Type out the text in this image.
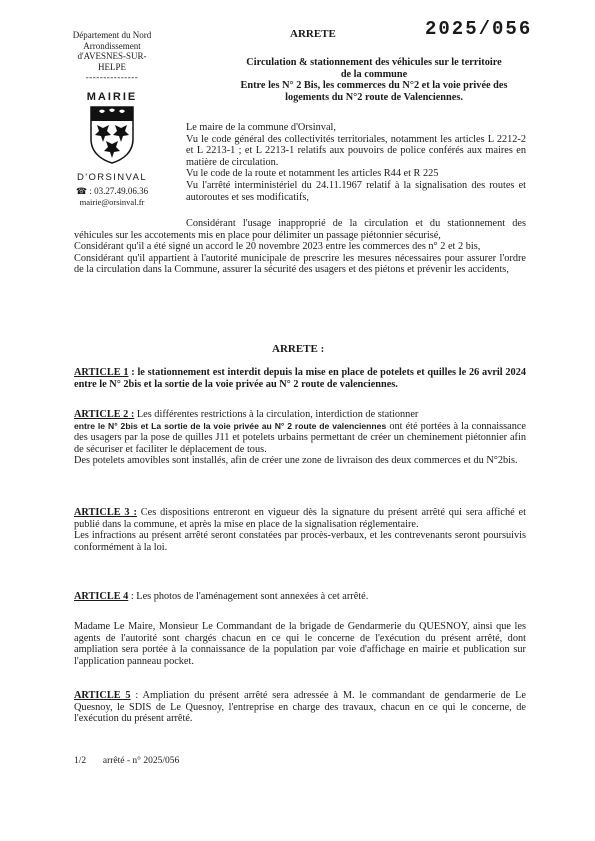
Département du Nord
Arrondissement
d'AVESNES-SUR-
HELPE
---------------
MAIRIE
D'ORSINVAL
☎ : 03.27.49.06.36
mairie@orsinval.fr
ARRETE	2025/056
Circulation & stationnement des véhicules sur le territoire
de la commune
Entre les N° 2 Bis, les commerces du N°2 et la voie privée des
logements du N°2 route de Valenciennes.

Le maire de la commune d'Orsinval,

Vu le code général des collectivités territoriales, notamment les articles L 2212-2 et L 2213-1 ; et L 2213-1 relatifs aux pouvoirs de police conférés aux maires en matière de circulation.

Vu le code de la route et notamment les articles R44 et R 225

Vu l'arrêté interministériel du 24.11.1967 relatif à la signalisation des routes et autoroutes et ses modificatifs,

Considérant l'usage inapproprié de la circulation et du stationnement des véhicules sur les accotements mis en place pour délimiter un passage piétonnier sécurisé,

Considérant qu'il a été signé un accord le 20 novembre 2023 entre les commerces des n° 2 et 2 bis,

Considérant qu'il appartient à l'autorité municipale de prescrire les mesures nécessaires pour assurer l'ordre de la circulation dans la Commune, assurer la sécurité des usagers et des piétons et prévenir les accidents,

ARRETE :
ARTICLE 1 : le stationnement est interdit depuis la mise en place de potelets et quilles le 26 avril 2024 entre le N° 2bis et la sortie de la voie privée au N° 2 route de valenciennes.

ARTICLE 2 : Les différentes restrictions à la circulation, interdiction de stationner

entre le N° 2bis et La sortie de la voie privée au N° 2 route de valenciennes ont été portées à la connaissance des usagers par la pose de quilles J11 et potelets urbains permettant de créer un cheminement piétonnier afin de sécuriser et faciliter le déplacement de tous.

Des potelets amovibles sont installés, afin de créer une zone de livraison des deux commerces et du N°2bis.

ARTICLE 3 : Ces dispositions entreront en vigueur dès la signature du présent arrêté qui sera affiché et publié dans la commune, et après la mise en place de la signalisation réglementaire.

Les infractions au présent arrêté seront constatées par procès-verbaux, et les contrevenants seront poursuivis conformément à la loi.

ARTICLE 4 : Les photos de l'aménagement sont annexées à cet arrêté.
Madame Le Maire, Monsieur Le Commandant de la brigade de Gendarmerie du QUESNOY, ainsi que les agents de l'autorité sont chargés chacun en ce qui le concerne de l'exécution du présent arrêté, dont ampliation sera portée à la connaissance de la population par voie d'affichage en mairie et publication sur l'application panneau pocket.
ARTICLE 5 : Ampliation du présent arrêté sera adressée à M. le commandant de gendarmerie de Le Quesnoy, le SDIS de Le Quesnoy, l'entreprise en charge des travaux, chacun en ce qui le concerne, de l'exécution du présent arrêté.
1/2 arrêté - n° 2025/056
